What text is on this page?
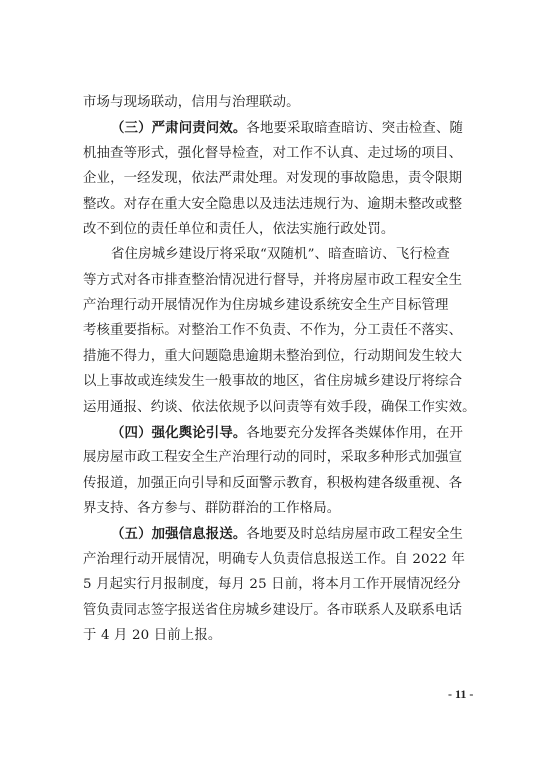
市场与现场联动，信用与治理联动。
（三）严肃问责问效。各地要采取暗查暗访、突击检查、随
机抽查等形式，强化督导检查，对工作不认真、走过场的项目、
企业，一经发现，依法严肃处理。对发现的事故隐患，责令限期
整改。对存在重大安全隐患以及违法违规行为、逾期未整改或整
改不到位的责任单位和责任人，依法实施行政处罚。
省住房城乡建设厅将采取“双随机”、暗查暗访、飞行检查
等方式对各市排查整治情况进行督导，并将房屋市政工程安全生
产治理行动开展情况作为住房城乡建设系统安全生产目标管理
考核重要指标。对整治工作不负责、不作为，分工责任不落实、
措施不得力，重大问题隐患逾期未整治到位，行动期间发生较大
以上事故或连续发生一般事故的地区，省住房城乡建设厅将综合
运用通报、约谈、依法依规予以问责等有效手段，确保工作实效。
（四）强化舆论引导。各地要充分发挥各类媒体作用，在开
展房屋市政工程安全生产治理行动的同时，采取多种形式加强宣
传报道，加强正向引导和反面警示教育，积极构建各级重视、各
界支持、各方参与、群防群治的工作格局。
（五）加强信息报送。各地要及时总结房屋市政工程安全生
产治理行动开展情况，明确专人负责信息报送工作。自 2022 年
5 月起实行月报制度，每月 25 日前，将本月工作开展情况经分
管负责同志签字报送省住房城乡建设厅。各市联系人及联系电话
于 4 月 20 日前上报。
- 11 -
